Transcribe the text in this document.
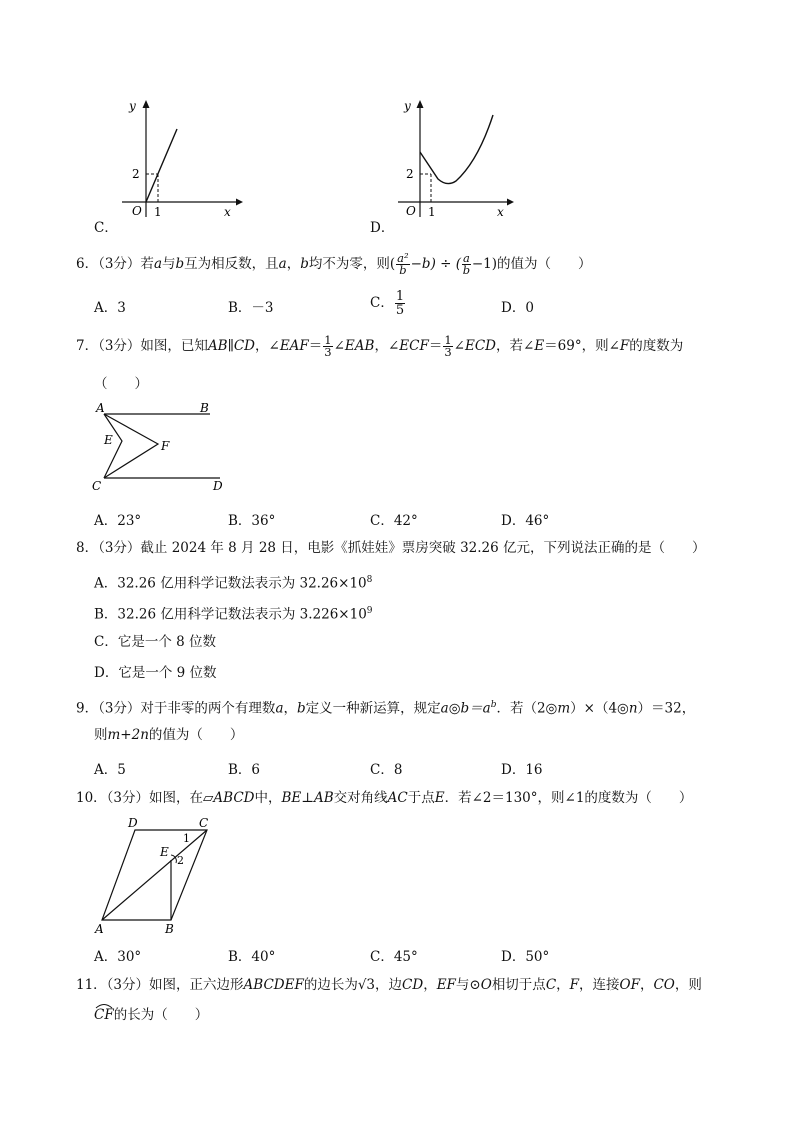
y
x
O
2
1
C．
y
x
O
2
1
D．
6．（3分）若a与b互为相反数，且a，b均不为零，则( $\frac{\text{a²}}{b} -b$) ÷ ( $\frac{a}{b} -1$)的值为（　　）
A．3	B．－3	C． $\frac{1}{5}$	D．0
7．（3分）如图，已知AB∥CD，∠EAF＝ $\frac{1}{3}$ ∠EAB，∠ECF＝ $\frac{1}{3}$ ∠ECD，若∠E＝69°，则∠F的度数为
（　　）
A	B
E	F
C	D
A．23°	B．36°	C．42°	D．46°
8．（3分）截止 2024 年 8 月 28 日，电影《抓娃娃》票房突破 32.26 亿元，下列说法正确的是（　　）
A．32.26 亿用科学记数法表示为 $32.26\times 10^8$
B．32.26 亿用科学记数法表示为 $3.226\times 10^9$
C．它是一个 8 位数
D．它是一个 9 位数
9．（3分）对于非零的两个有理数a，b定义一种新运算，规定$a◎b=a^b$．若（2◎m）×（4◎n）＝32，
则m+2n的值为（　　）
A．5	B．6	C．8	D．16
10．（3分）如图，在▱ABCD中，BE⊥AB交对角线AC于点E．若∠2＝130°，则∠1的度数为（　　）
D	C
1
E
2
A	B
A．30°	B．40°	C．45°	D．50°
11．（3分）如图，正六边形ABCDEF的边长为√3，边CD，EF与⊙O相切于点C，F，连接OF，CO，则
CF的长为（　　）
